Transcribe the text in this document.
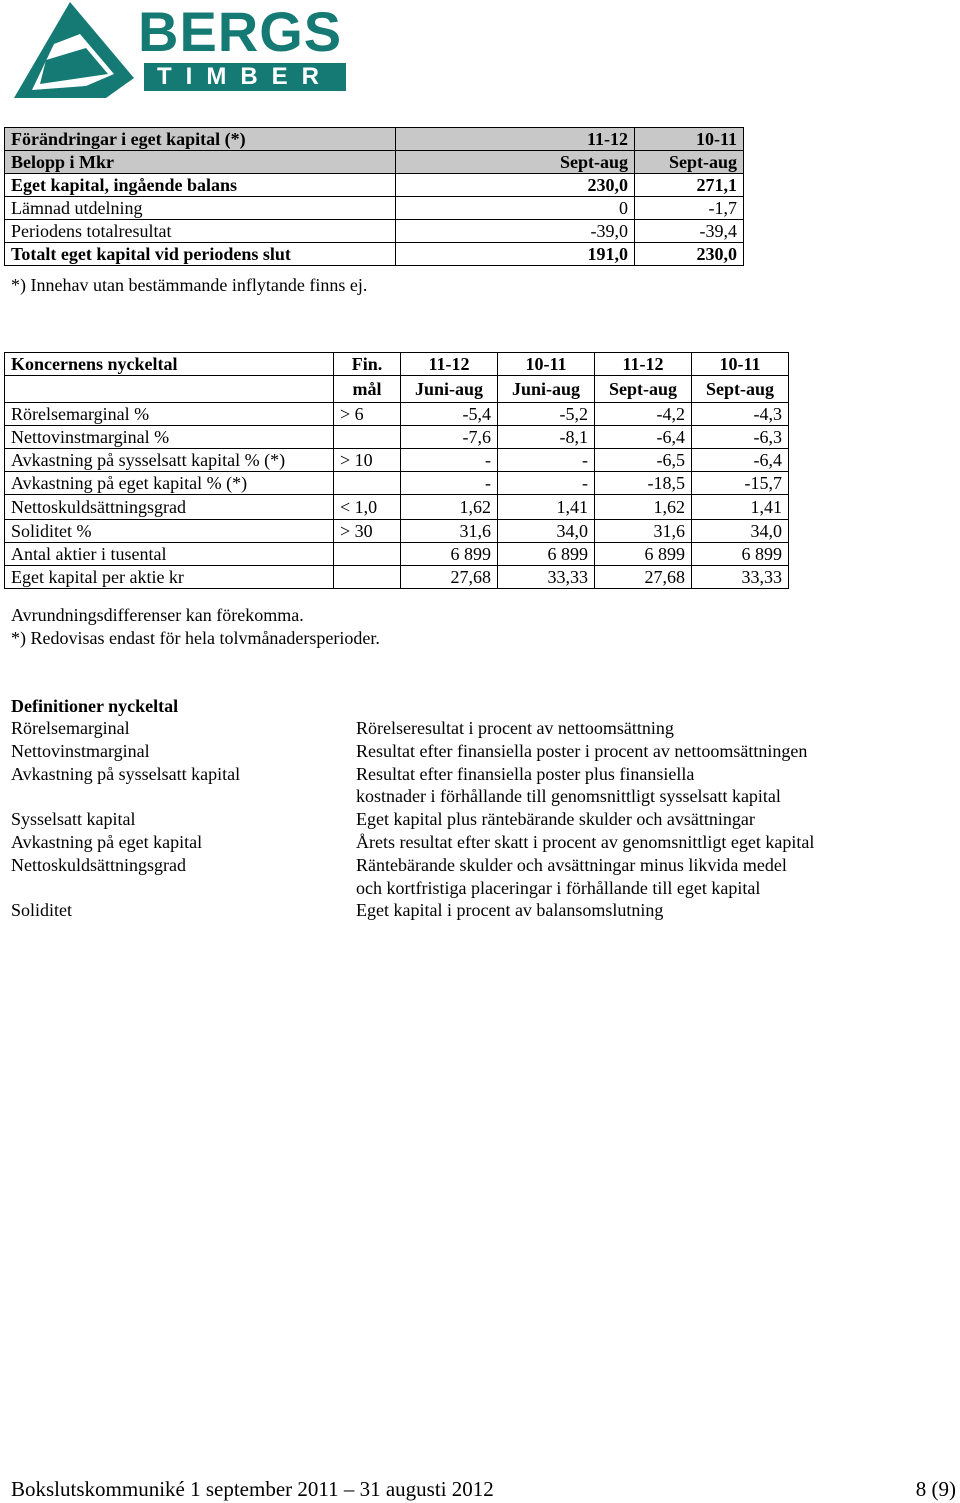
BERGS
TIMBER
Förändringar i eget kapital (*)	11-12	10-11
Belopp i Mkr	Sept-aug	Sept-aug
Eget kapital, ingående balans	230,0	271,1
Lämnad utdelning	0	-1,7
Periodens totalresultat	-39,0	-39,4
Totalt eget kapital vid periodens slut	191,0	230,0
*) Innehav utan bestämmande inflytande finns ej.
Koncernens nyckeltal	Fin.	11-12	10-11	11-12	10-11
	mål	Juni-aug	Juni-aug	Sept-aug	Sept-aug
Rörelsemarginal %	> 6	-5,4	-5,2	-4,2	-4,3
Nettovinstmarginal %		-7,6	-8,1	-6,4	-6,3
Avkastning på sysselsatt kapital % (*)	> 10	-	-	-6,5	-6,4
Avkastning på eget kapital % (*)		-	-	-18,5	-15,7
Nettoskuldsättningsgrad	< 1,0	1,62	1,41	1,62	1,41
Soliditet %	> 30	31,6	34,0	31,6	34,0
Antal aktier i tusental		6 899	6 899	6 899	6 899
Eget kapital per aktie kr		27,68	33,33	27,68	33,33
Avrundningsdifferenser kan förekomma.
*) Redovisas endast för hela tolvmånadersperioder.
Definitioner nyckeltal
Rörelsemarginal	Rörelseresultat i procent av nettoomsättning
Nettovinstmarginal	Resultat efter finansiella poster i procent av nettoomsättningen
Avkastning på sysselsatt kapital	Resultat efter finansiella poster plus finansiella
kostnader i förhållande till genomsnittligt sysselsatt kapital
Sysselsatt kapital	Eget kapital plus räntebärande skulder och avsättningar
Avkastning på eget kapital	Årets resultat efter skatt i procent av genomsnittligt eget kapital
Nettoskuldsättningsgrad	Räntebärande skulder och avsättningar minus likvida medel
och kortfristiga placeringar i förhållande till eget kapital
Soliditet	Eget kapital i procent av balansomslutning
Bokslutskommuniké 1 september 2011 – 31 augusti 2012	8 (9)
